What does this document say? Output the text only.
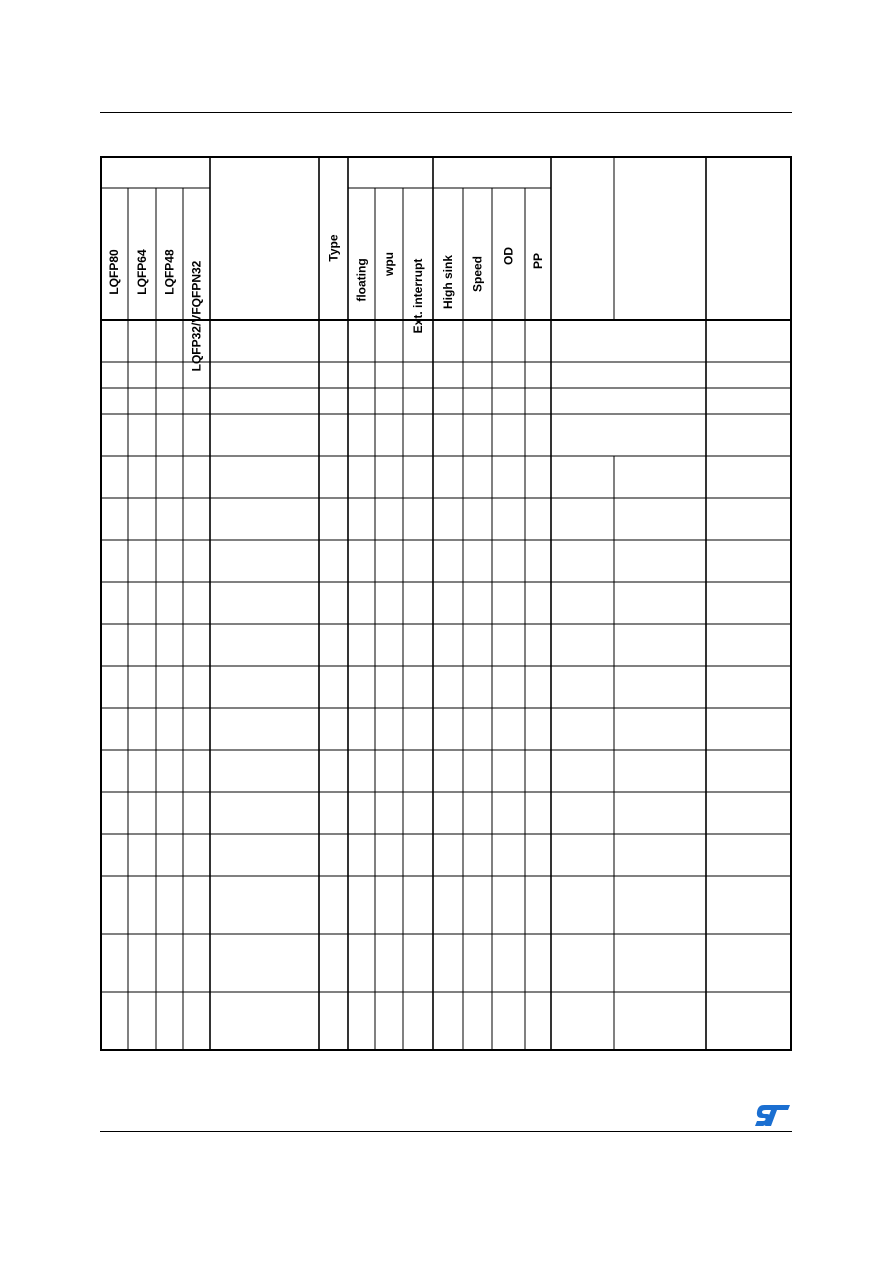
LQFP80 LQFP64 LQFP48 LQFP32/VFQFPN32
Type
floating wpu Ext. interrupt High sink Speed OD PP
